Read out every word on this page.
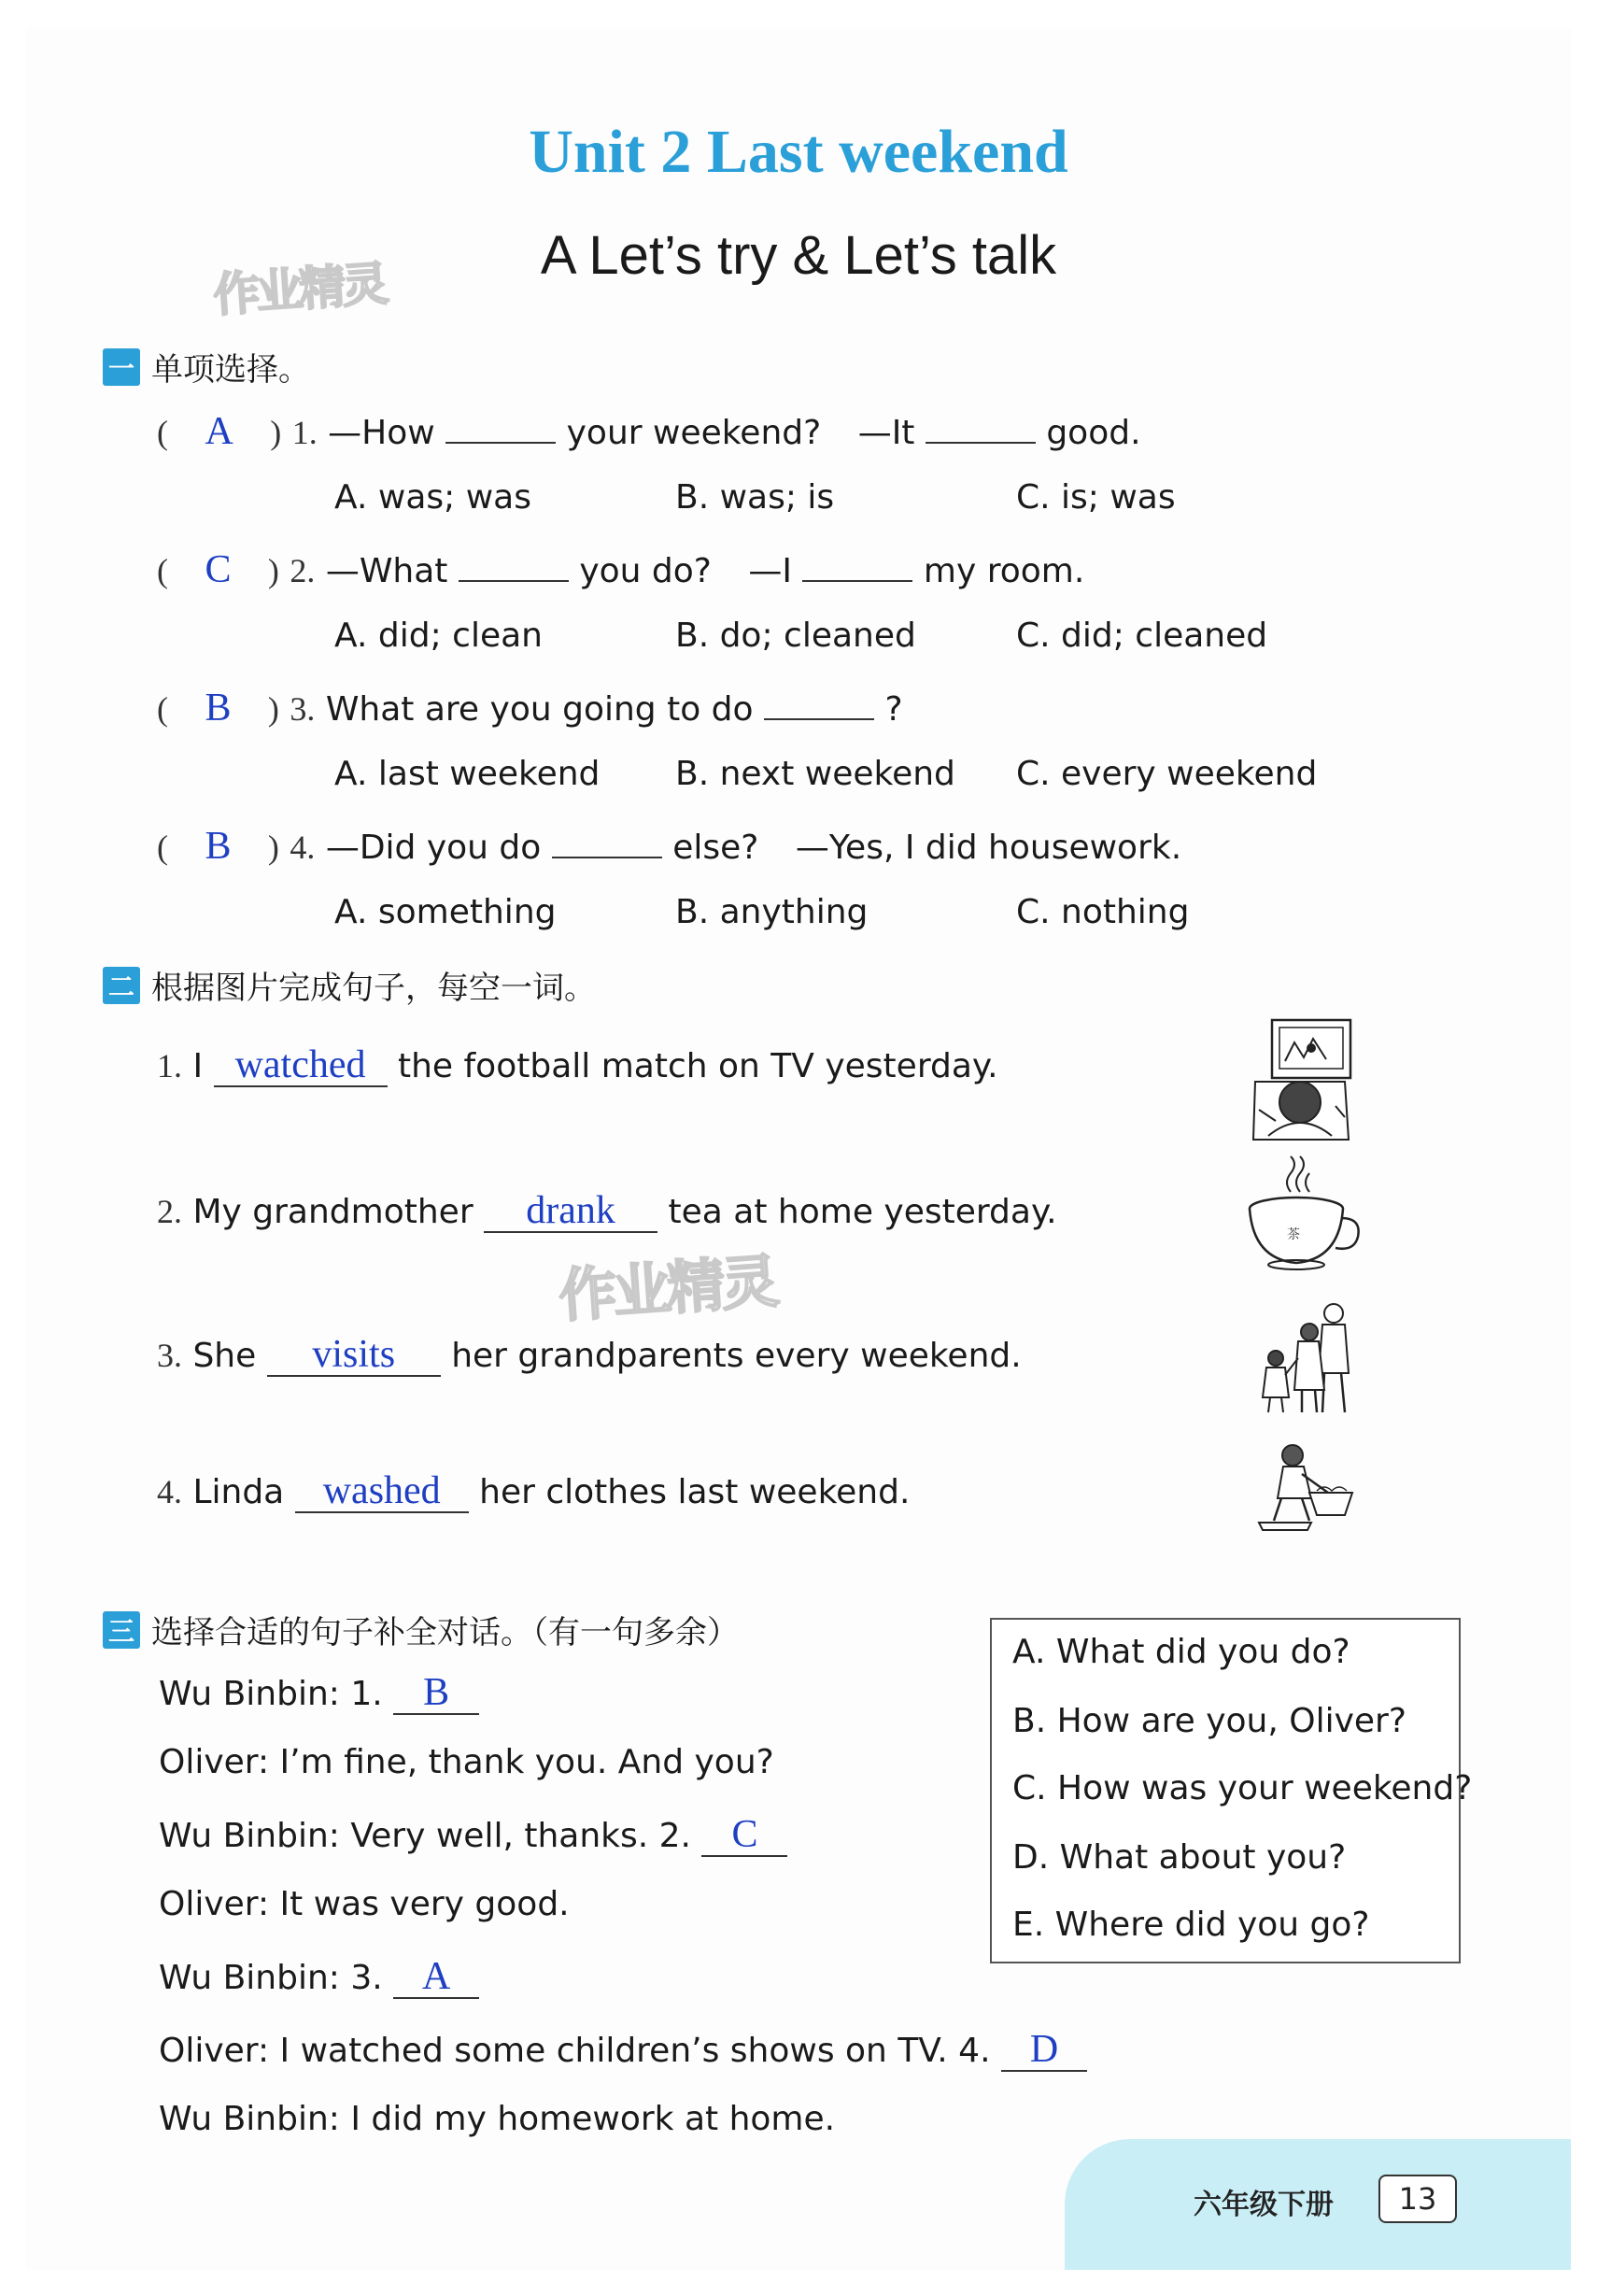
Unit 2 Last weekend
A Let’s try & Let’s talk
作业精灵
作业精灵
一 单项选择。
( A ) 1. —How	your weekend? —It	good.
A. was; was	B. was; is	C. is; was
( C ) 2. —What	you do? —I	my room.
A. did; clean	B. do; cleaned	C. did; cleaned
( B ) 3. What are you going to do	?
A. last weekend B. next weekend C. every weekend
( B ) 4. —Did you do	else? —Yes, I did housework.
A. something	B. anything	C. nothing
二 根据图片完成句子，每空一词。
1. I watched the football match on TV yesterday.
2. My grandmother drank tea at home yesterday.
3. She visits her grandparents every weekend.
4. Linda washed her clothes last weekend.
茶
三 选择合适的句子补全对话。（有一句多余）
Wu Binbin: 1. B
Oliver: I’m fine, thank you. And you?
Wu Binbin: Very well, thanks. 2. C
Oliver: It was very good.
Wu Binbin: 3. A
Oliver: I watched some children’s shows on TV. 4. D
Wu Binbin: I did my homework at home.
A. What did you do?
B. How are you, Oliver?
C. How was your weekend?
D. What about you?
E. Where did you go?
六年级下册	13
